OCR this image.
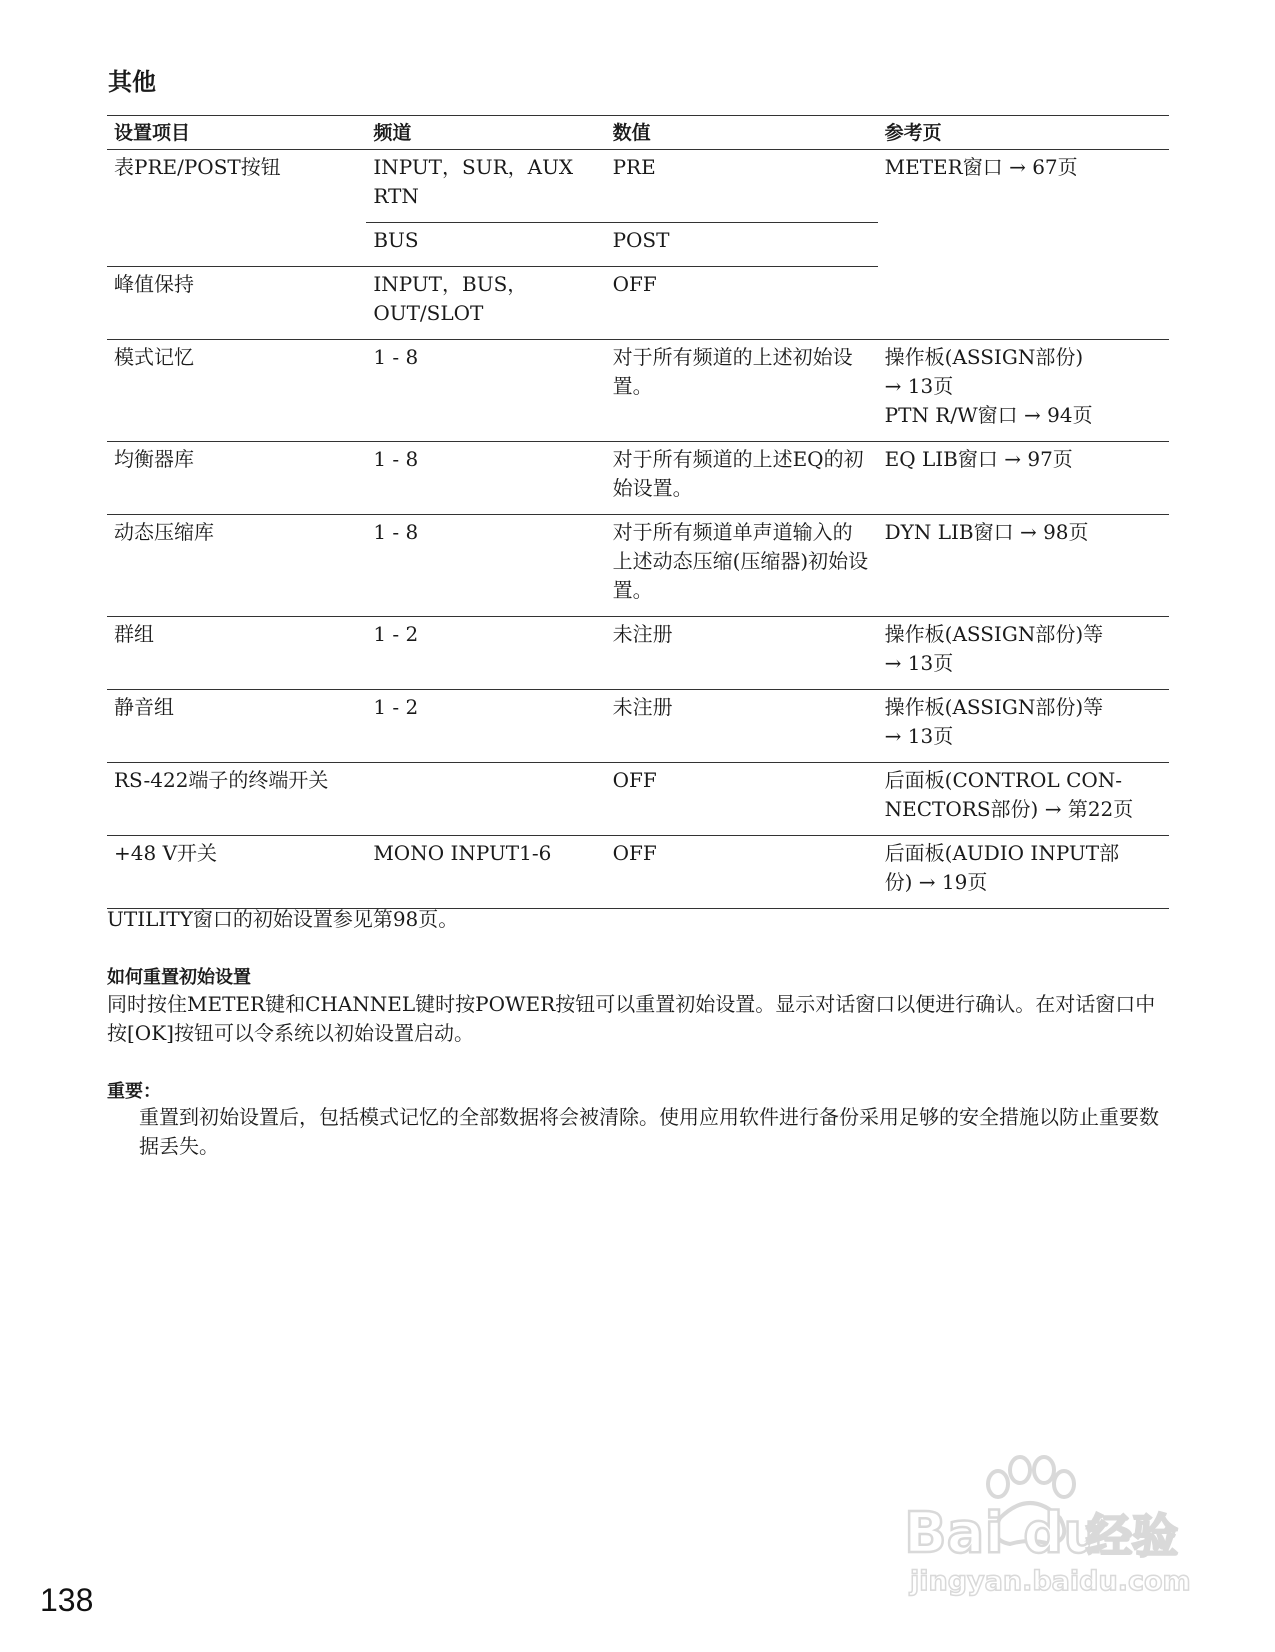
其他
设置项目	频道	数值	参考页
表PRE/POST按钮	INPUT，SUR，AUX RTN	PRE	METER窗口 → 67页
	BUS	POST	
峰值保持	INPUT，BUS，OUT/SLOT	OFF	
模式记忆	1 - 8	对于所有频道的上述初始设置。	操作板(ASSIGN部份)
→ 13页
PTN R/W窗口 → 94页
均衡器库	1 - 8	对于所有频道的上述EQ的初始设置。	EQ LIB窗口 → 97页
动态压缩库	1 - 8	对于所有频道单声道输入的上述动态压缩(压缩器)初始设置。	DYN LIB窗口 → 98页
群组	1 - 2	未注册	操作板(ASSIGN部份)等
→ 13页
静音组	1 - 2	未注册	操作板(ASSIGN部份)等
→ 13页
RS-422端子的终端开关		OFF	后面板(CONTROL CON-
NECTORS部份) → 第22页
+48 V开关	MONO INPUT1-6	OFF	后面板(AUDIO INPUT部
份) → 19页
UTILITY窗口的初始设置参见第98页。
如何重置初始设置
同时按住METER键和CHANNEL键时按POWER按钮可以重置初始设置。显示对话窗口以便进行确认。在对话窗口中按[OK]按钮可以令系统以初始设置启动。
重要：
重置到初始设置后，包括模式记忆的全部数据将会被清除。使用应用软件进行备份采用足够的安全措施以防止重要数据丢失。
138
Bai du
经验
jingyan.baidu.com
